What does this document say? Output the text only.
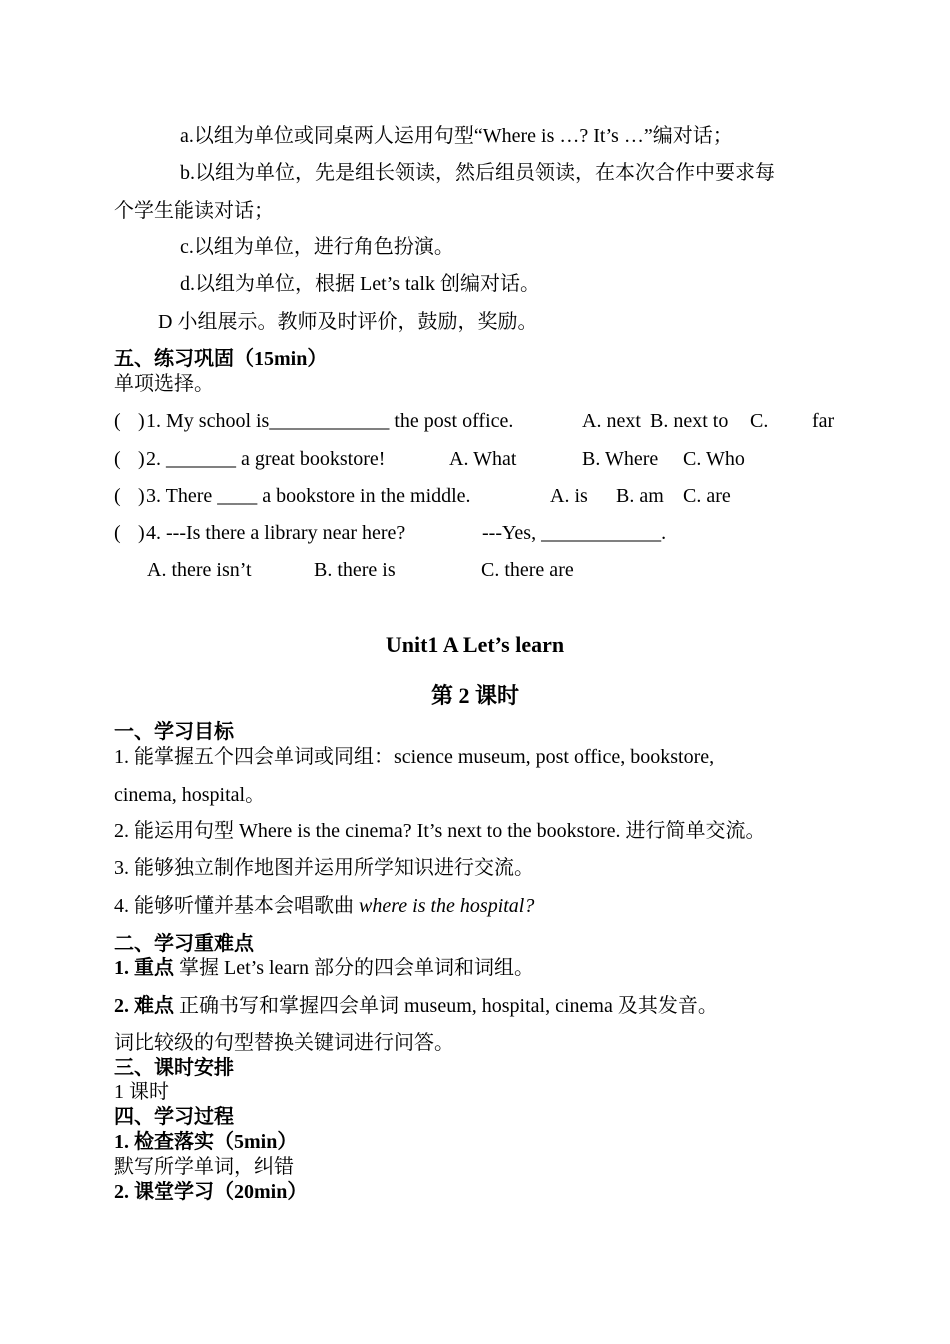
a.以组为单位或同桌两人运用句型“Where is …? It’s …”编对话；
b.以组为单位，先是组长领读，然后组员领读，在本次合作中要求每
个学生能读对话；
c.以组为单位，进行角色扮演。
d.以组为单位，根据 Let’s talk 创编对话。
D 小组展示。教师及时评价，鼓励，奖励。
五、练习巩固（15min）
单项选择。
( ) 1. My school is____________ the post office.	A. next B. next to C. far
( ) 2. _______ a great bookstore!	A. What	B. Where C. Who
( ) 3. There ____ a bookstore in the middle.	A. is B. am C. are
( ) 4. ---Is there a library near here?	---Yes, ____________.
A. there isn’t	B. there is	C. there are
Unit1 A Let’s learn
第 2 课时
一、学习目标
1. 能掌握五个四会单词或同组：science museum, post office, bookstore,
cinema, hospital。
2. 能运用句型 Where is the cinema? It’s next to the bookstore. 进行简单交流。
3. 能够独立制作地图并运用所学知识进行交流。
4. 能够听懂并基本会唱歌曲 where is the hospital?
二、学习重难点
1. 重点 掌握 Let’s learn 部分的四会单词和词组。
2. 难点 正确书写和掌握四会单词 museum, hospital, cinema 及其发音。
词比较级的句型替换关键词进行问答。
三、课时安排
1 课时
四、学习过程
1. 检查落实（5min）
默写所学单词，纠错
2. 课堂学习（20min）
